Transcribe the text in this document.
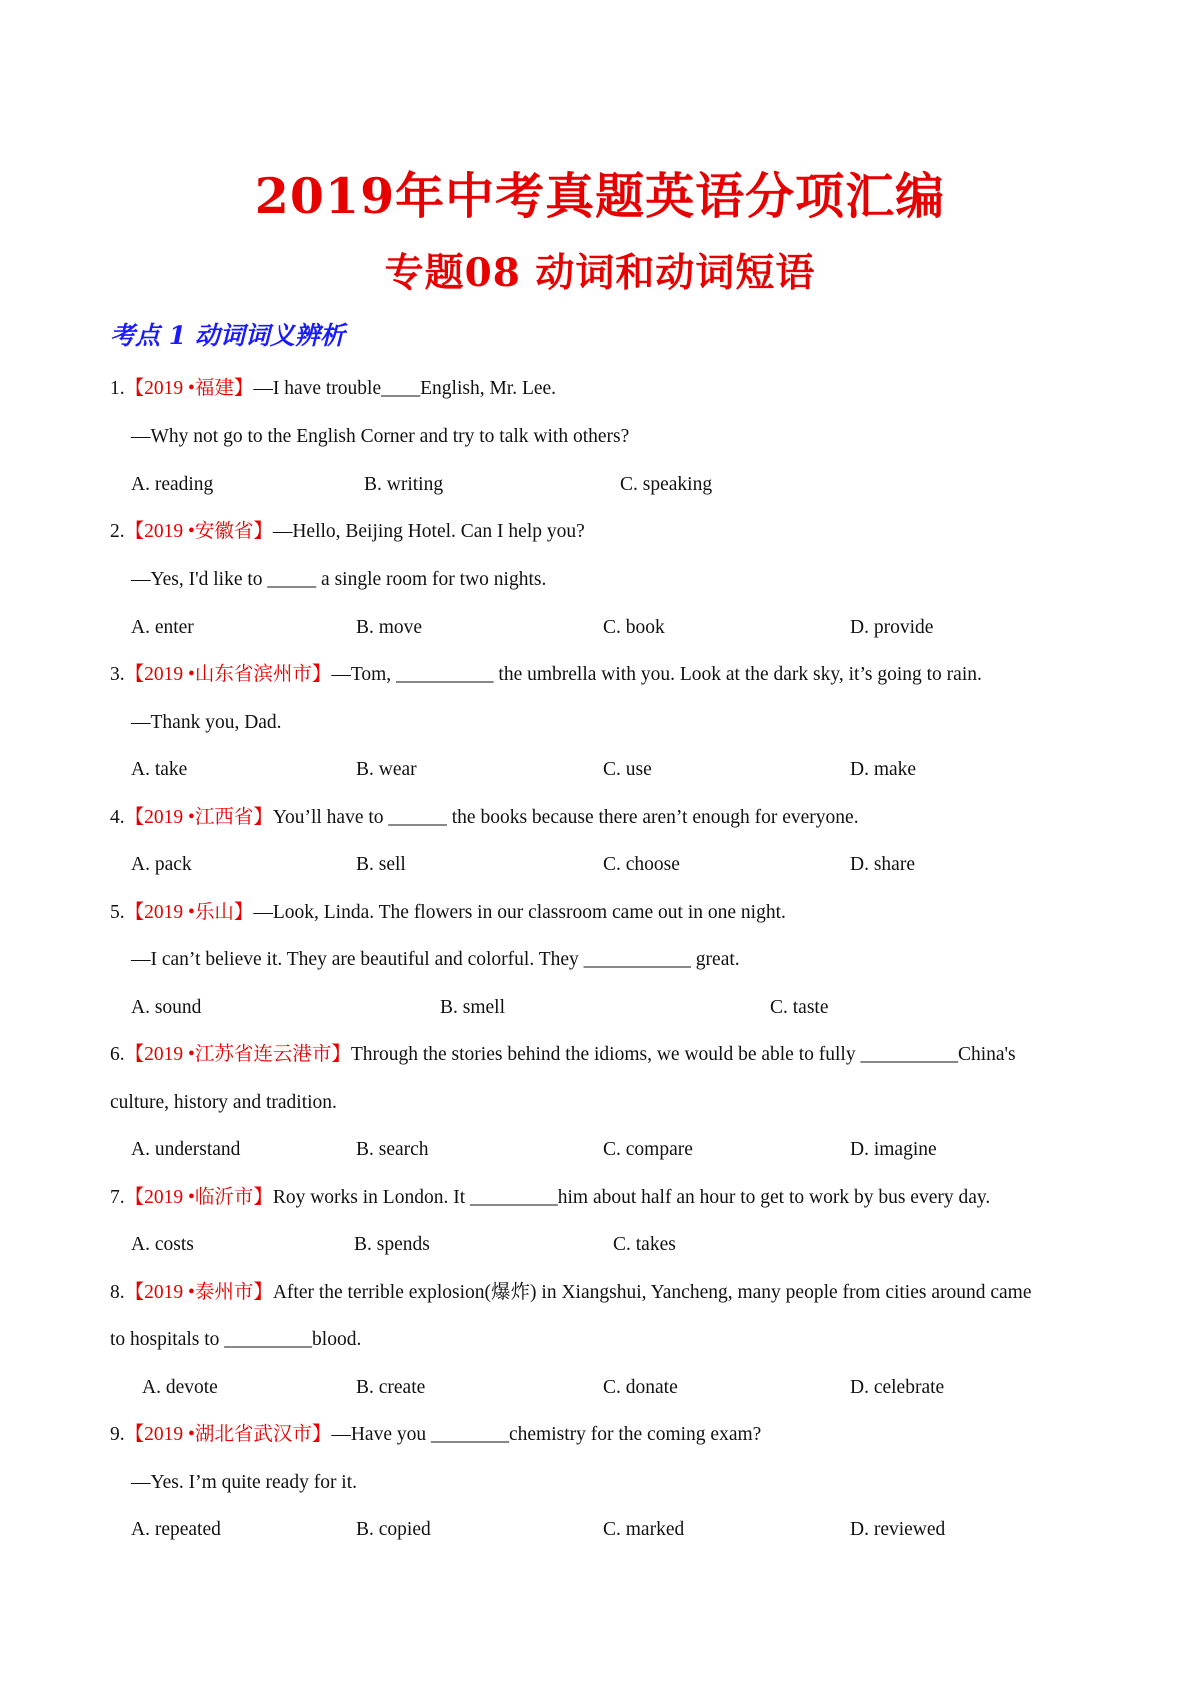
2019年中考真题英语分项汇编
专题08 动词和动词短语
考点 1 动词词义辨析
1.【2019 •福建】—I have trouble____English, Mr. Lee.
—Why not go to the English Corner and try to talk with others?
A. reading	B. writing	C. speaking
2.【2019 •安徽省】—Hello, Beijing Hotel. Can I help you?
—Yes, I'd like to _____ a single room for two nights.
A. enter	B. move	C. book	D. provide
3.【2019 •山东省滨州市】—Tom, __________ the umbrella with you. Look at the dark sky, it’s going to rain.
—Thank you, Dad.
A. take	B. wear	C. use	D. make
4.【2019 •江西省】You’ll have to ______ the books because there aren’t enough for everyone.
A. pack	B. sell	C. choose	D. share
5.【2019 •乐山】—Look, Linda. The flowers in our classroom came out in one night.
—I can’t believe it. They are beautiful and colorful. They ___________ great.
A. sound	B. smell	C. taste
6.【2019 •江苏省连云港市】Through the stories behind the idioms, we would be able to fully __________China's
culture, history and tradition.
A. understand	B. search	C. compare	D. imagine
7.【2019 •临沂市】Roy works in London. It _________him about half an hour to get to work by bus every day.
A. costs	B. spends	C. takes
8.【2019 •泰州市】After the terrible explosion(爆炸) in Xiangshui, Yancheng, many people from cities around came
to hospitals to _________blood.
A. devote	B. create	C. donate	D. celebrate
9.【2019 •湖北省武汉市】—Have you ________chemistry for the coming exam?
—Yes. I’m quite ready for it.
A. repeated	B. copied	C. marked	D. reviewed
